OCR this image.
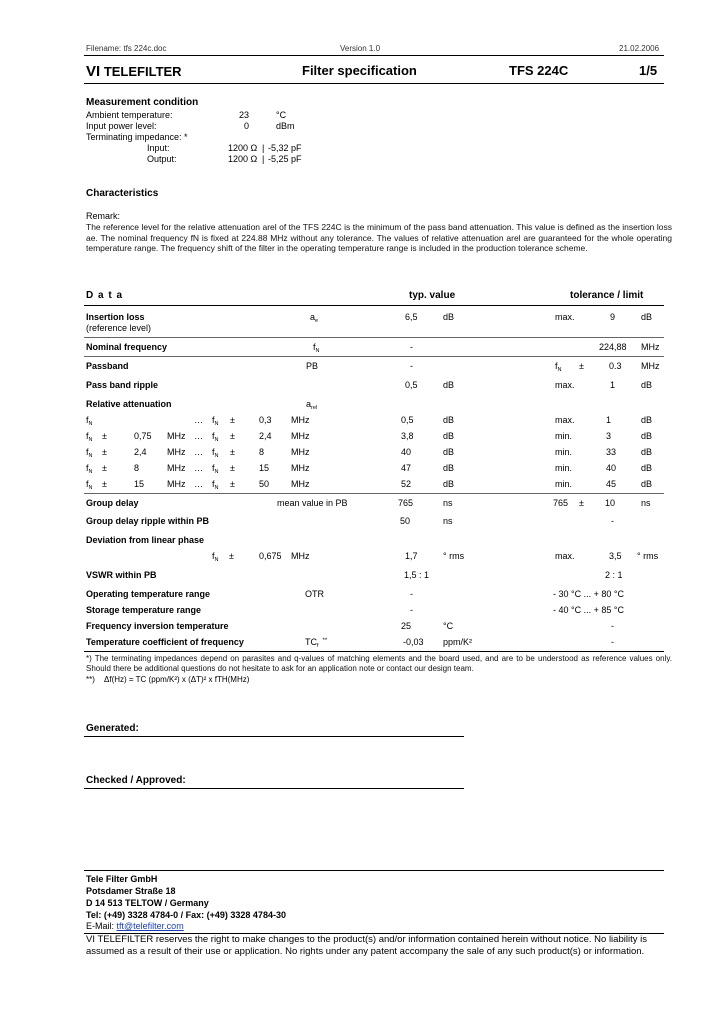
Filename: tfs 224c.doc	Version 1.0	21.02.2006
VI TELEFILTER	Filter specification	TFS 224C	1/5
Measurement condition
Ambient temperature:	23	°C
Input power level:	0	dBm
Terminating impedance: *
Input:	1200 Ω | -5,32 pF
Output:	1200 Ω | -5,25 pF
Characteristics
Remark:
The reference level for the relative attenuation arel of the TFS 224C is the minimum of the pass band attenuation. This value is defined as the insertion loss ae. The nominal frequency fN is fixed at 224.88 MHz without any tolerance. The values of relative attenuation arel are guaranteed for the whole operating temperature range. The frequency shift of the filter in the operating temperature range is included in the production tolerance scheme.
D a t a	typ. value	tolerance / limit
Insertion loss
(reference level)
$a_e$	6,5	dB	max.	9	dB
Nominal frequency	$f_N$	-	224,88 MHz
Passband	PB	-	$f_N$ ±	0.3 MHz
Pass band ripple	0,5	dB	max.	1	dB
Relative attenuation	$a_{rel}$
$f_N$	… $f_N$ ±	0,3 MHz	0,5	dB	max.	1	dB
$f_N$ ±	0,75 MHz … $f_N$ ±	2,4 MHz	3,8	dB	min.	3	dB
$f_N$ ±	2,4 MHz … $f_N$ ±	8	MHz	40	dB	min.	33	dB
$f_N$ ±	8	MHz … $f_N$ ±	15 MHz	47	dB	min.	40	dB
$f_N$ ±	15	MHz … $f_N$ ±	50 MHz	52	dB	min.	45	dB
Group delay	mean value in PB	765	ns	765 ± 10	ns
Group delay ripple within PB	50	ns	-
Deviation from linear phase
$f_N$ ±	0,675 MHz	1,7	° rms	max.	3,5 ° rms
VSWR within PB	1,5 : 1	2 : 1
Operating temperature range	OTR	-	- 30 °C ... + 80 °C
Storage temperature range	-	- 40 °C ... + 85 °C
Frequency inversion temperature	25	°C	-
Temperature coefficient of frequency	$TC_f^{**}$	-0,03 ppm/K²	-
*) The terminating impedances depend on parasites and q-values of matching elements and the board used, and are to be understood as reference values only. Should there be additional questions do not hesitate to ask for an application note or contact our design team.
**) Δf(Hz) = TC (ppm/K²) x (ΔT)² x fTH(MHz)
Generated:
Checked / Approved:
Tele Filter GmbH
Potsdamer Straße 18
D 14 513 TELTOW / Germany
Tel: (+49) 3328 4784-0 / Fax: (+49) 3328 4784-30
E-Mail: tft@telefilter.com
VI TELEFILTER reserves the right to make changes to the product(s) and/or information contained herein without notice. No liability is assumed as a result of their use or application. No rights under any patent accompany the sale of any such product(s) or information.
